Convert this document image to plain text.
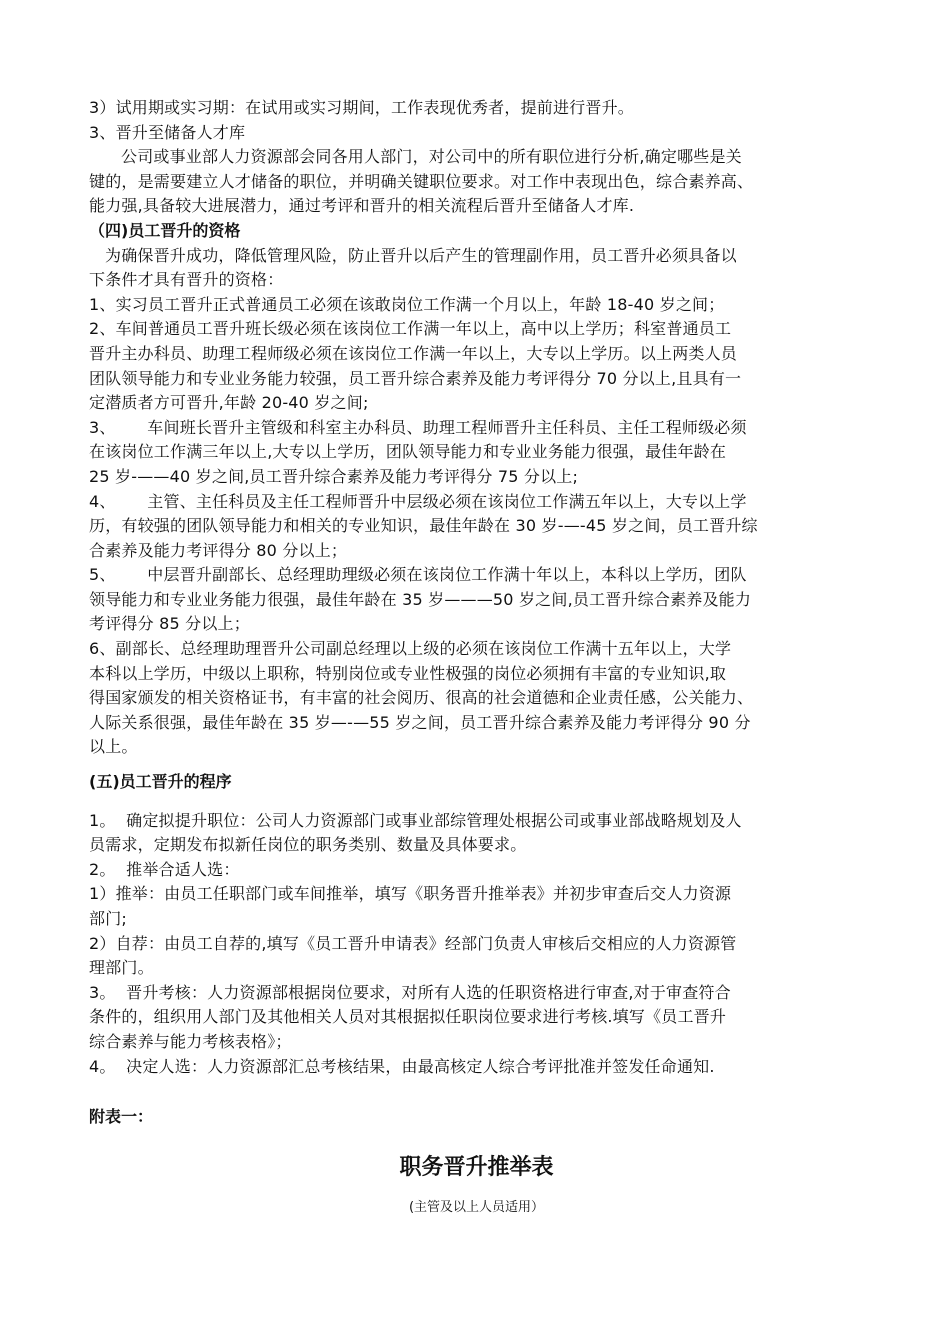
3）试用期或实习期：在试用或实习期间，工作表现优秀者，提前进行晋升。
3、晋升至储备人才库
公司或事业部人力资源部会同各用人部门，对公司中的所有职位进行分析,确定哪些是关
键的，是需要建立人才储备的职位，并明确关键职位要求。对工作中表现出色，综合素养高、
能力强,具备较大进展潜力，通过考评和晋升的相关流程后晋升至储备人才库.
（四)员工晋升的资格
为确保晋升成功，降低管理风险，防止晋升以后产生的管理副作用，员工晋升必须具备以
下条件才具有晋升的资格：
1、实习员工晋升正式普通员工必须在该敢岗位工作满一个月以上，年龄 18-40 岁之间；
2、车间普通员工晋升班长级必须在该岗位工作满一年以上，高中以上学历；科室普通员工
晋升主办科员、助理工程师级必须在该岗位工作满一年以上，大专以上学历。以上两类人员
团队领导能力和专业业务能力较强，员工晋升综合素养及能力考评得分 70 分以上,且具有一
定潜质者方可晋升,年龄 20-40 岁之间;
3、      车间班长晋升主管级和科室主办科员、助理工程师晋升主任科员、主任工程师级必须
在该岗位工作满三年以上,大专以上学历，团队领导能力和专业业务能力很强，最佳年龄在
25 岁-——40 岁之间,员工晋升综合素养及能力考评得分 75 分以上;
4、      主管、主任科员及主任工程师晋升中层级必须在该岗位工作满五年以上，大专以上学
历，有较强的团队领导能力和相关的专业知识，最佳年龄在 30 岁-—-45 岁之间，员工晋升综
合素养及能力考评得分 80 分以上；
5、      中层晋升副部长、总经理助理级必须在该岗位工作满十年以上，本科以上学历，团队
领导能力和专业业务能力很强，最佳年龄在 35 岁———50 岁之间,员工晋升综合素养及能力
考评得分 85 分以上；
6、副部长、总经理助理晋升公司副总经理以上级的必须在该岗位工作满十五年以上，大学
本科以上学历，中级以上职称，特别岗位或专业性极强的岗位必须拥有丰富的专业知识,取
得国家颁发的相关资格证书，有丰富的社会阅历、很高的社会道德和企业责任感，公关能力、
人际关系很强，最佳年龄在 35 岁—-—55 岁之间，员工晋升综合素养及能力考评得分 90 分
以上。
(五)员工晋升的程序
1。  确定拟提升职位：公司人力资源部门或事业部综管理处根据公司或事业部战略规划及人
员需求，定期发布拟新任岗位的职务类别、数量及具体要求。
2。  推举合适人选：
1）推举：由员工任职部门或车间推举，填写《职务晋升推举表》并初步审查后交人力资源
部门;
2）自荐：由员工自荐的,填写《员工晋升申请表》经部门负责人审核后交相应的人力资源管
理部门。
3。  晋升考核：人力资源部根据岗位要求，对所有人选的任职资格进行审查,对于审查符合
条件的，组织用人部门及其他相关人员对其根据拟任职岗位要求进行考核.填写《员工晋升
综合素养与能力考核表格》；
4。  决定人选：人力资源部汇总考核结果，由最高核定人综合考评批准并签发任命通知.
附表一：
职务晋升推举表
(主管及以上人员适用）
